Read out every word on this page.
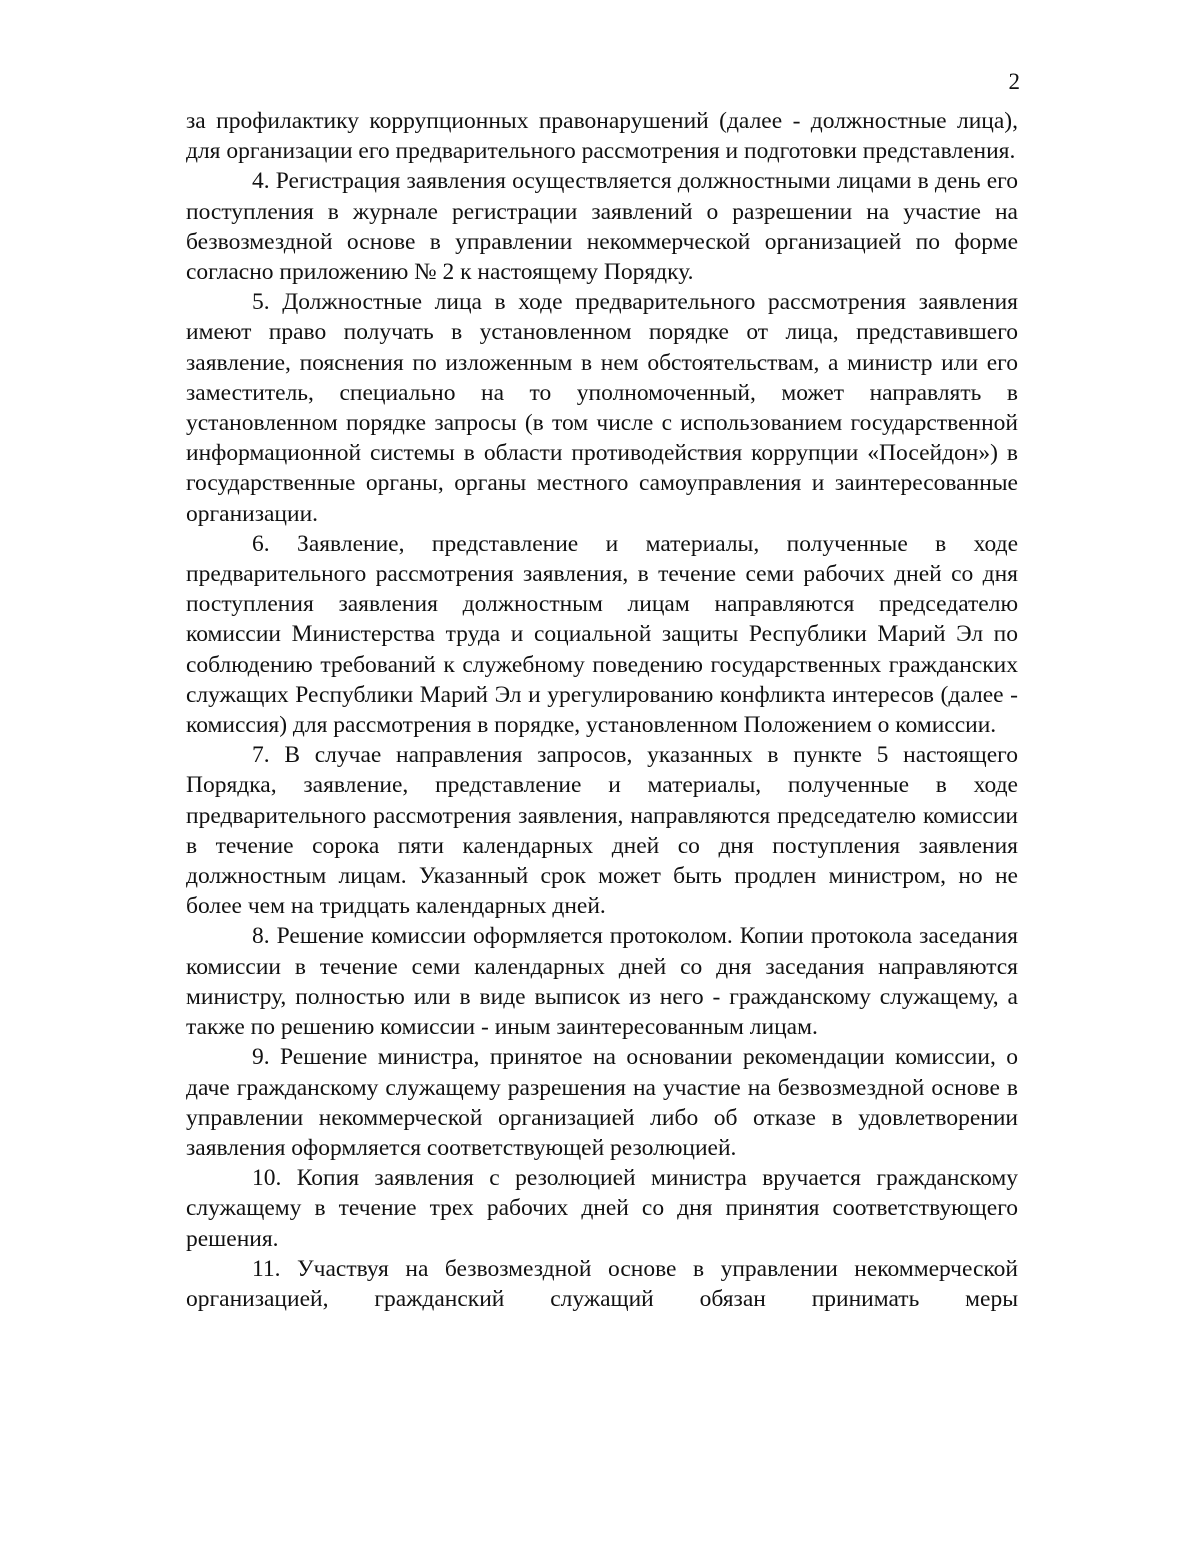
2

за профилактику коррупционных правонарушений (далее - должностные лица), для организации его предварительного рассмотрения и подготовки представления.

4. Регистрация заявления осуществляется должностными лицами в день его поступления в журнале регистрации заявлений о разрешении на участие на безвозмездной основе в управлении некоммерческой организацией по форме согласно приложению № 2 к настоящему Порядку.

5. Должностные лица в ходе предварительного рассмотрения заявления имеют право получать в установленном порядке от лица, представившего заявление, пояснения по изложенным в нем обстоятельствам, а министр или его заместитель, специально на то уполномоченный, может направлять в установленном порядке запросы (в том числе с использованием государственной информационной системы в области противодействия коррупции «Посейдон») в государственные органы, органы местного самоуправления и заинтересованные организации.

6. Заявление, представление и материалы, полученные в ходе предварительного рассмотрения заявления, в течение семи рабочих дней со дня поступления заявления должностным лицам направляются председателю комиссии Министерства труда и социальной защиты Республики Марий Эл по соблюдению требований к служебному поведению государственных гражданских служащих Республики Марий Эл и урегулированию конфликта интересов (далее - комиссия) для рассмотрения в порядке, установленном Положением о комиссии.

7. В случае направления запросов, указанных в пункте 5 настоящего Порядка, заявление, представление и материалы, полученные в ходе предварительного рассмотрения заявления, направляются председателю комиссии в течение сорока пяти календарных дней со дня поступления заявления должностным лицам. Указанный срок может быть продлен министром, но не более чем на тридцать календарных дней.

8. Решение комиссии оформляется протоколом. Копии протокола заседания комиссии в течение семи календарных дней со дня заседания направляются министру, полностью или в виде выписок из него - гражданскому служащему, а также по решению комиссии - иным заинтересованным лицам.

9. Решение министра, принятое на основании рекомендации комиссии, о даче гражданскому служащему разрешения на участие на безвозмездной основе в управлении некоммерческой организацией либо об отказе в удовлетворении заявления оформляется соответствующей резолюцией.

10. Копия заявления с резолюцией министра вручается гражданскому служащему в течение трех рабочих дней со дня принятия соответствующего решения.

11. Участвуя на безвозмездной основе в управлении некоммерческой организацией, гражданский служащий обязан принимать меры
